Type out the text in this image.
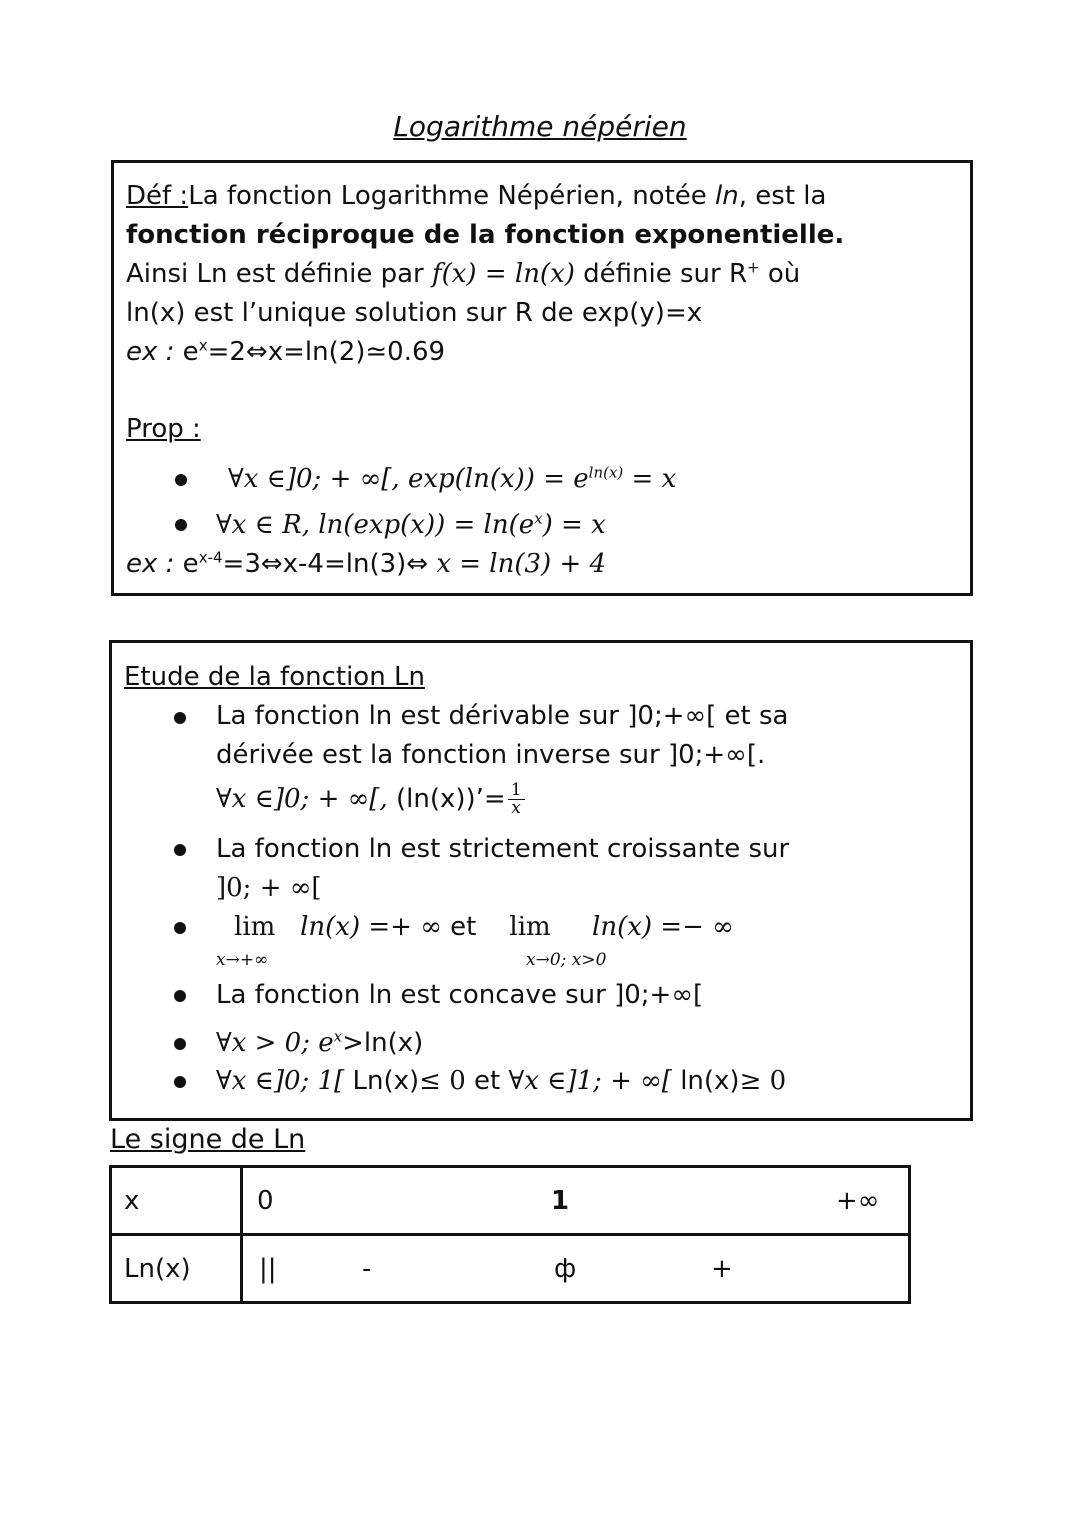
Logarithme népérien
Déf :La fonction Logarithme Népérien, notée ln, est la
fonction réciproque de la fonction exponentielle.
Ainsi Ln est définie par f(x) = ln(x) définie sur R+ où
ln(x) est l’unique solution sur R de exp(y)=x
ex : $e^x=2\Leftrightarrow x=\ln(2)≃0.69$
Prop :
∀x ∈]0; + ∞[, $\exp(\ln(x)) = e^{ln(x)} = x$
∀x ∈ R, $\ln(\exp(x)) = \ln(e^x) = x$
ex : $e^{x-4}=3\Leftrightarrow x-4=\ln(3)\Leftrightarrow$ x = ln(3) + 4
Etude de la fonction Ln
La fonction ln est dérivable sur ]0;+∞[ et sa
dérivée est la fonction inverse sur ]0;+∞[.
∀x ∈]0; + ∞[, (ln(x))’= $\frac{1}{x}$
La fonction ln est strictement croissante sur
]0; + ∞[
lim ln(x) =+ ∞ et lim ln(x) =− ∞
x→+∞	x→0; x>0
La fonction ln est concave sur ]0;+∞[
∀x > 0; $e^x>\ln(x)$
∀x ∈]0; 1[ Ln(x)≤ 0 et ∀x ∈]1; + ∞[ ln(x)≥ 0
Le signe de Ln
x	0 1 +∞

Ln(x)	|| - ф +
